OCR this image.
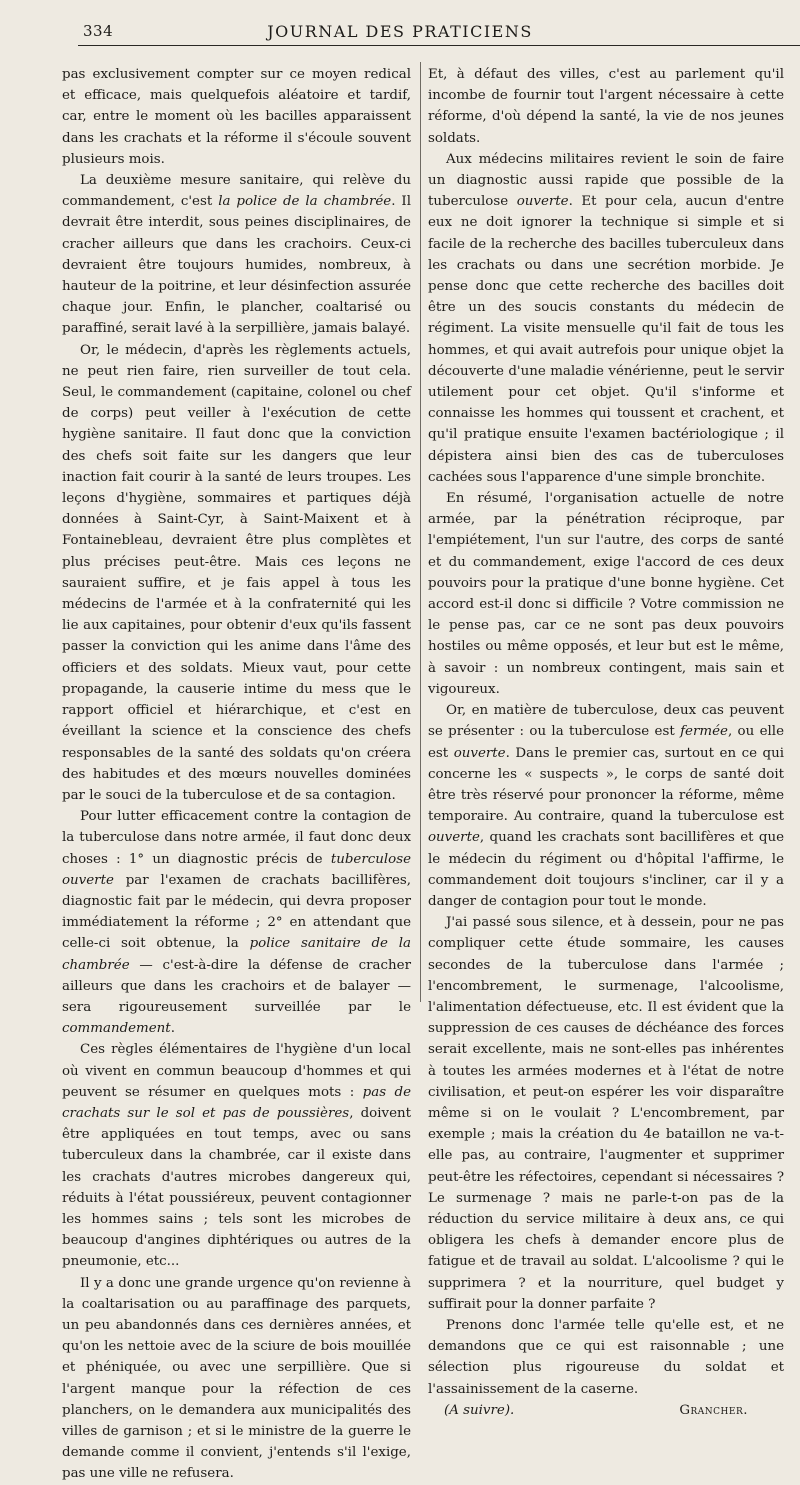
334	JOURNAL DES PRATICIENS

pas exclusivement compter sur ce moyen redical et efficace, mais quelquefois aléatoire et tardif, car, entre le moment où les bacilles apparaissent dans les crachats et la réforme il s'écoule souvent plusieurs mois.

La deuxième mesure sanitaire, qui relève du commandement, c'est la police de la chambrée. Il devrait être interdit, sous peines disciplinaires, de cracher ailleurs que dans les crachoirs. Ceux-ci devraient être toujours humides, nombreux, à hauteur de la poitrine, et leur désinfection assurée chaque jour. Enfin, le plancher, coaltarisé ou paraffiné, serait lavé à la serpillière, jamais balayé.

Or, le médecin, d'après les règlements actuels, ne peut rien faire, rien surveiller de tout cela. Seul, le commandement (capitaine, colonel ou chef de corps) peut veiller à l'exécution de cette hygiène sanitaire. Il faut donc que la conviction des chefs soit faite sur les dangers que leur inaction fait courir à la santé de leurs troupes. Les leçons d'hygiène, sommaires et partiques déjà données à Saint-Cyr, à Saint-Maixent et à Fontainebleau, devraient être plus complètes et plus précises peut-être. Mais ces leçons ne sauraient suffire, et je fais appel à tous les médecins de l'armée et à la confraternité qui les lie aux capitaines, pour obtenir d'eux qu'ils fassent passer la conviction qui les anime dans l'âme des officiers et des soldats. Mieux vaut, pour cette propagande, la causerie intime du mess que le rapport officiel et hiérarchique, et c'est en éveillant la science et la conscience des chefs responsables de la santé des soldats qu'on créera des habitudes et des mœurs nouvelles dominées par le souci de la tuberculose et de sa contagion.

Pour lutter efficacement contre la contagion de la tuberculose dans notre armée, il faut donc deux choses : 1° un diagnostic précis de tuberculose ouverte par l'examen de crachats bacillifères, diagnostic fait par le médecin, qui devra proposer immédiatement la réforme ; 2° en attendant que celle-ci soit obtenue, la police sanitaire de la chambrée — c'est-à-dire la défense de cracher ailleurs que dans les crachoirs et de balayer — sera rigoureusement surveillée par le commandement.

Ces règles élémentaires de l'hygiène d'un local où vivent en commun beaucoup d'hommes et qui peuvent se résumer en quelques mots : pas de crachats sur le sol et pas de poussières, doivent être appliquées en tout temps, avec ou sans tuberculeux dans la chambrée, car il existe dans les crachats d'autres microbes dangereux qui, réduits à l'état poussiéreux, peuvent contagionner les hommes sains ; tels sont les microbes de beaucoup d'angines diphtériques ou autres de la pneumonie, etc...

Il y a donc une grande urgence qu'on revienne à la coaltarisation ou au paraffinage des parquets, un peu abandonnés dans ces dernières années, et qu'on les nettoie avec de la sciure de bois mouillée et phéniquée, ou avec une serpillière. Que si l'argent manque pour la réfection de ces planchers, on le demandera aux municipalités des villes de garnison ; et si le ministre de la guerre le demande comme il convient, j'entends s'il l'exige, pas une ville ne refusera.

Et, à défaut des villes, c'est au parlement qu'il incombe de fournir tout l'argent nécessaire à cette réforme, d'où dépend la santé, la vie de nos jeunes soldats.

Aux médecins militaires revient le soin de faire un diagnostic aussi rapide que possible de la tuberculose ouverte. Et pour cela, aucun d'entre eux ne doit ignorer la technique si simple et si facile de la recherche des bacilles tuberculeux dans les crachats ou dans une secrétion morbide. Je pense donc que cette recherche des bacilles doit être un des soucis constants du médecin de régiment. La visite mensuelle qu'il fait de tous les hommes, et qui avait autrefois pour unique objet la découverte d'une maladie vénérienne, peut le servir utilement pour cet objet. Qu'il s'informe et connaisse les hommes qui toussent et crachent, et qu'il pratique ensuite l'examen bactériologique ; il dépistera ainsi bien des cas de tuberculoses cachées sous l'apparence d'une simple bronchite.

En résumé, l'organisation actuelle de notre armée, par la pénétration réciproque, par l'empiétement, l'un sur l'autre, des corps de santé et du commandement, exige l'accord de ces deux pouvoirs pour la pratique d'une bonne hygiène. Cet accord est-il donc si difficile ? Votre commission ne le pense pas, car ce ne sont pas deux pouvoirs hostiles ou même opposés, et leur but est le même, à savoir : un nombreux contingent, mais sain et vigoureux.

Or, en matière de tuberculose, deux cas peuvent se présenter : ou la tuberculose est fermée, ou elle est ouverte. Dans le premier cas, surtout en ce qui concerne les « suspects », le corps de santé doit être très réservé pour prononcer la réforme, même temporaire. Au contraire, quand la tuberculose est ouverte, quand les crachats sont bacillifères et que le médecin du régiment ou d'hôpital l'affirme, le commandement doit toujours s'incliner, car il y a danger de contagion pour tout le monde.

J'ai passé sous silence, et à dessein, pour ne pas compliquer cette étude sommaire, les causes secondes de la tuberculose dans l'armée ; l'encombrement, le surmenage, l'alcoolisme, l'alimentation défectueuse, etc. Il est évident que la suppression de ces causes de déchéance des forces serait excellente, mais ne sont-elles pas inhérentes à toutes les armées modernes et à l'état de notre civilisation, et peut-on espérer les voir disparaître même si on le voulait ? L'encombrement, par exemple ; mais la création du 4e bataillon ne va-t-elle pas, au contraire, l'augmenter et supprimer peut-être les réfectoires, cependant si nécessaires ? Le surmenage ? mais ne parle-t-on pas de la réduction du service militaire à deux ans, ce qui obligera les chefs à demander encore plus de fatigue et de travail au soldat. L'alcoolisme ? qui le supprimera ? et la nourriture, quel budget y suffirait pour la donner parfaite ?

Prenons donc l'armée telle qu'elle est, et ne demandons que ce qui est raisonnable ; une sélection plus rigoureuse du soldat et l'assainissement de la caserne.

(A suivre).	Grancher.
